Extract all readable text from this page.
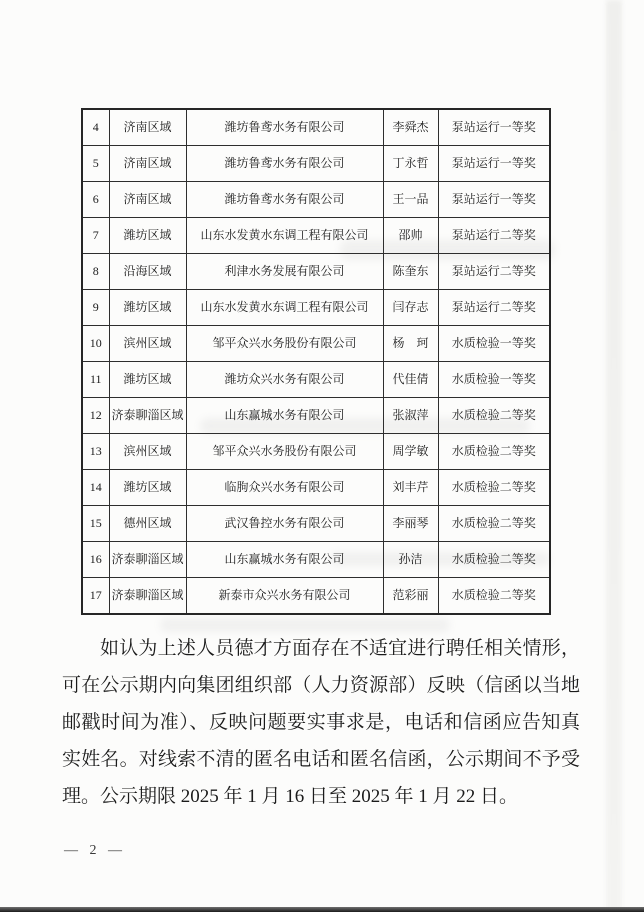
4	济南区域	潍坊鲁鸢水务有限公司	李舜杰	泵站运行一等奖
5	济南区域	潍坊鲁鸢水务有限公司	丁永哲	泵站运行一等奖
6	济南区域	潍坊鲁鸢水务有限公司	王一品	泵站运行一等奖
7	潍坊区域	山东水发黄水东调工程有限公司	邵帅	泵站运行二等奖
8	沿海区域	利津水务发展有限公司	陈奎东	泵站运行二等奖
9	潍坊区域	山东水发黄水东调工程有限公司	闫存志	泵站运行二等奖
10	滨州区域	邹平众兴水务股份有限公司	杨　珂	水质检验一等奖
11	潍坊区域	潍坊众兴水务有限公司	代佳倩	水质检验一等奖
12	济泰聊淄区域	山东赢城水务有限公司	张淑萍	水质检验二等奖
13	滨州区域	邹平众兴水务股份有限公司	周学敏	水质检验二等奖
14	潍坊区域	临朐众兴水务有限公司	刘丰芹	水质检验二等奖
15	德州区域	武汉鲁控水务有限公司	李丽琴	水质检验二等奖
16	济泰聊淄区域	山东赢城水务有限公司	孙洁	水质检验二等奖
17	济泰聊淄区域	新泰市众兴水务有限公司	范彩丽	水质检验二等奖

如认为上述人员德才方面存在不适宜进行聘任相关情形，可在公示期内向集团组织部（人力资源部）反映（信函以当地邮戳时间为准）、反映问题要实事求是，电话和信函应告知真实姓名。对线索不清的匿名电话和匿名信函，公示期间不予受理。公示期限 2025 年 1 月 16 日至 2025 年 1 月 22 日。

— 2 —
